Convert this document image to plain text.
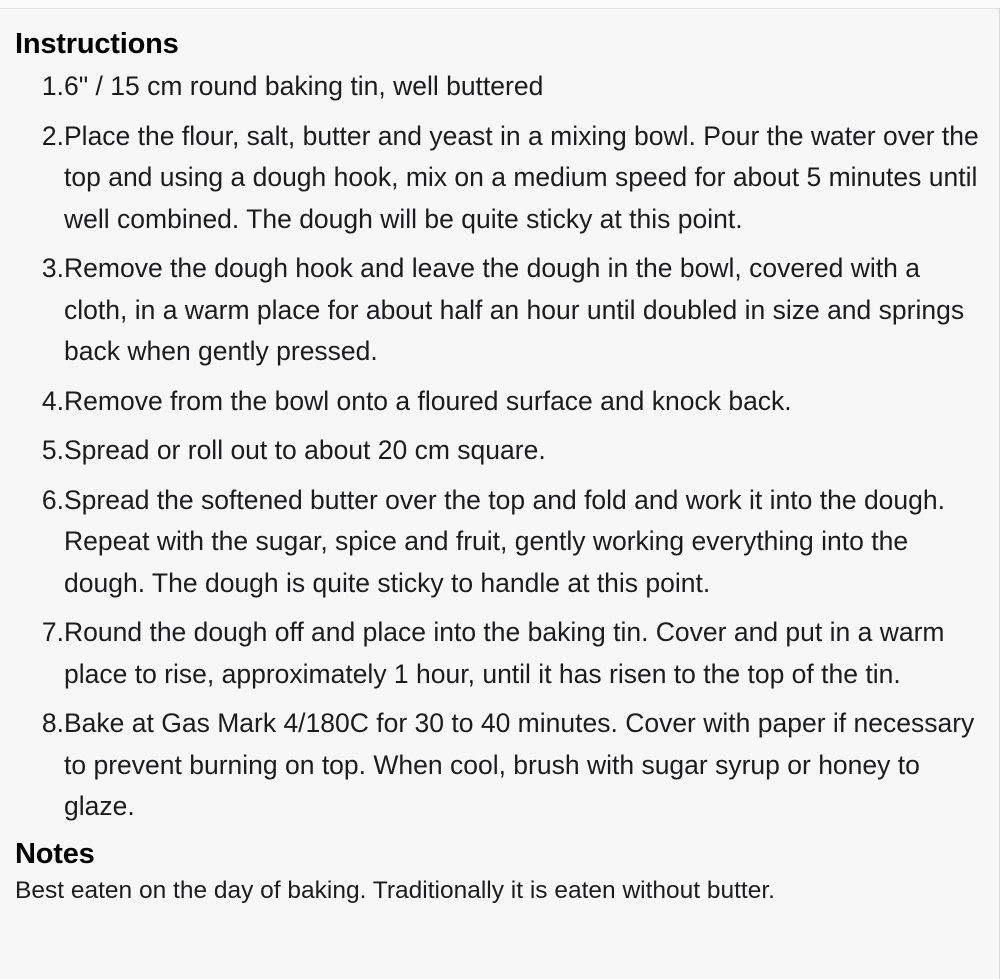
Instructions
1. 6" / 15 cm round baking tin, well buttered
2. Place the flour, salt, butter and yeast in a mixing bowl. Pour the water over the top and using a dough hook, mix on a medium speed for about 5 minutes until well combined. The dough will be quite sticky at this point.
3. Remove the dough hook and leave the dough in the bowl, covered with a cloth, in a warm place for about half an hour until doubled in size and springs back when gently pressed.
4. Remove from the bowl onto a floured surface and knock back.
5. Spread or roll out to about 20 cm square.
6. Spread the softened butter over the top and fold and work it into the dough. Repeat with the sugar, spice and fruit, gently working everything into the dough. The dough is quite sticky to handle at this point.
7. Round the dough off and place into the baking tin. Cover and put in a warm place to rise, approximately 1 hour, until it has risen to the top of the tin.
8. Bake at Gas Mark 4/180C for 30 to 40 minutes. Cover with paper if necessary to prevent burning on top. When cool, brush with sugar syrup or honey to glaze.
Notes

Best eaten on the day of baking. Traditionally it is eaten without butter.
